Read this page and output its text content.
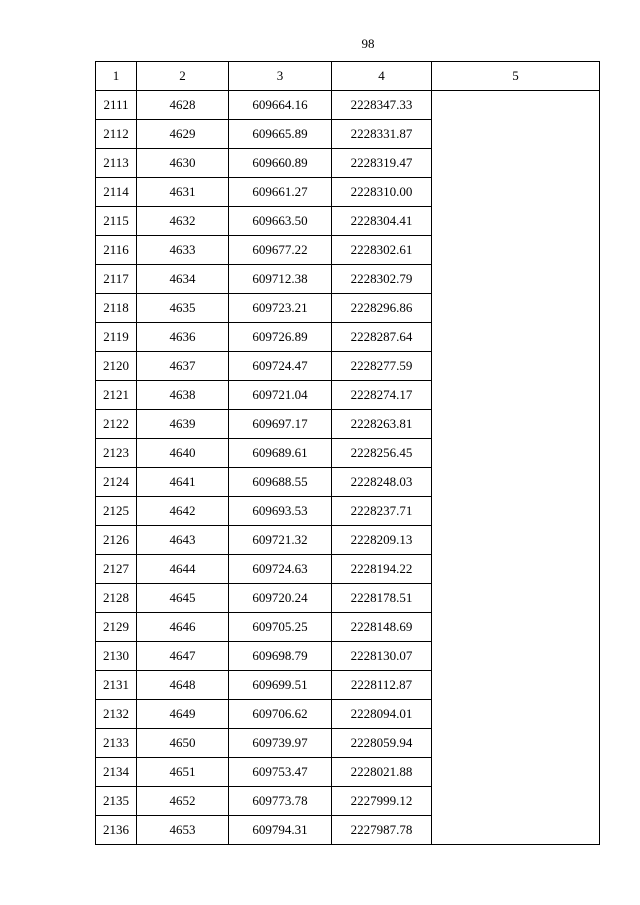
98
1	2	3	4	5
2111	4628	609664.16	2228347.33	
2112	4629	609665.89	2228331.87	
2113	4630	609660.89	2228319.47	
2114	4631	609661.27	2228310.00	
2115	4632	609663.50	2228304.41	
2116	4633	609677.22	2228302.61	
2117	4634	609712.38	2228302.79	
2118	4635	609723.21	2228296.86	
2119	4636	609726.89	2228287.64	
2120	4637	609724.47	2228277.59	
2121	4638	609721.04	2228274.17	
2122	4639	609697.17	2228263.81	
2123	4640	609689.61	2228256.45	
2124	4641	609688.55	2228248.03	
2125	4642	609693.53	2228237.71	
2126	4643	609721.32	2228209.13	
2127	4644	609724.63	2228194.22	
2128	4645	609720.24	2228178.51	
2129	4646	609705.25	2228148.69	
2130	4647	609698.79	2228130.07	
2131	4648	609699.51	2228112.87	
2132	4649	609706.62	2228094.01	
2133	4650	609739.97	2228059.94	
2134	4651	609753.47	2228021.88	
2135	4652	609773.78	2227999.12	
2136	4653	609794.31	2227987.78	
